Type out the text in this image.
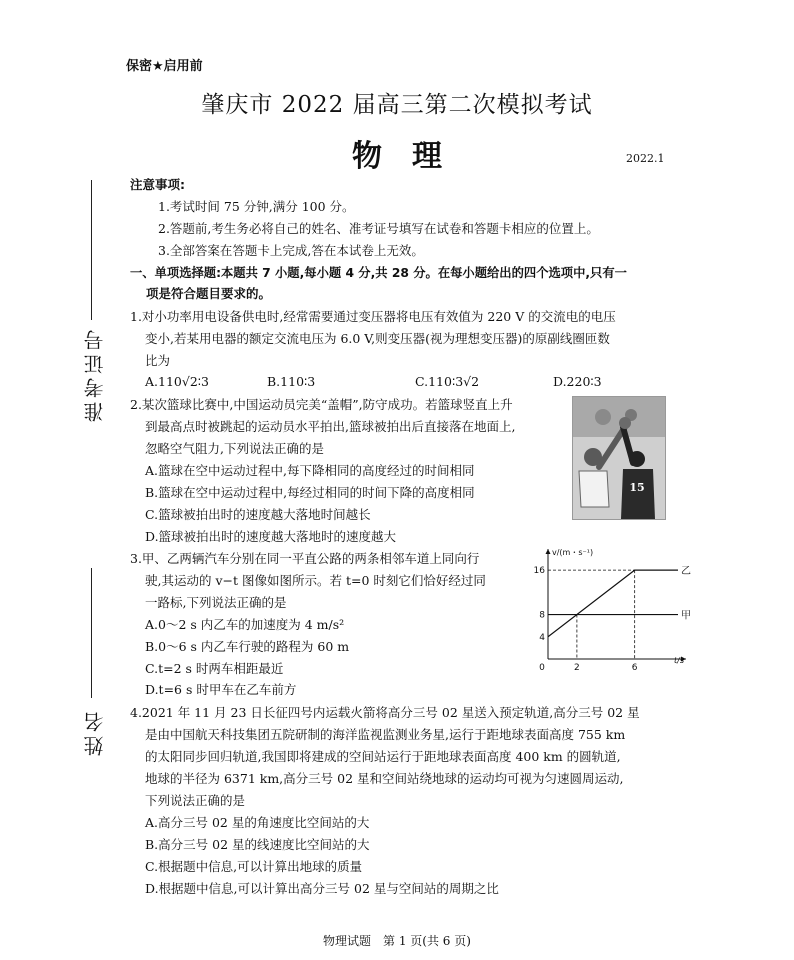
保密★启用前
肇庆市 2022 届高三第二次模拟考试
物　理	2022.1
准考证号
姓名
注意事项:
1.考试时间 75 分钟,满分 100 分。
2.答题前,考生务必将自己的姓名、准考证号填写在试卷和答题卡相应的位置上。
3.全部答案在答题卡上完成,答在本试卷上无效。
一、单项选择题:本题共 7 小题,每小题 4 分,共 28 分。在每小题给出的四个选项中,只有一
项是符合题目要求的。
1.对小功率用电设备供电时,经常需要通过变压器将电压有效值为 220 V 的交流电的电压
变小,若某用电器的额定交流电压为 6.0 V,则变压器(视为理想变压器)的原副线圈匝数
比为
A.110√2∶3	B.110∶3	C.110∶3√2	D.220∶3
2.某次篮球比赛中,中国运动员完美“盖帽”,防守成功。若篮球竖直上升
到最高点时被跳起的运动员水平拍出,篮球被拍出后直接落在地面上,
忽略空气阻力,下列说法正确的是
A.篮球在空中运动过程中,每下降相同的高度经过的时间相同
B.篮球在空中运动过程中,每经过相同的时间下降的高度相同
C.篮球被拍出时的速度越大落地时间越长
D.篮球被拍出时的速度越大落地时的速度越大
15
3.甲、乙两辆汽车分别在同一平直公路的两条相邻车道上同向行
驶,其运动的 v−t 图像如图所示。若 t=0 时刻它们恰好经过同
一路标,下列说法正确的是
A.0～2 s 内乙车的加速度为 4 m/s²
B.0～6 s 内乙车行驶的路程为 60 m
C.t=2 s 时两车相距最近
D.t=6 s 时甲车在乙车前方
v/(m・s⁻¹)
t/s
4
8
16
0	2	6
甲
乙
4.2021 年 11 月 23 日长征四号内运载火箭将高分三号 02 星送入预定轨道,高分三号 02 星
是由中国航天科技集团五院研制的海洋监视监测业务星,运行于距地球表面高度 755 km
的太阳同步回归轨道,我国即将建成的空间站运行于距地球表面高度 400 km 的圆轨道,
地球的半径为 6371 km,高分三号 02 星和空间站绕地球的运动均可视为匀速圆周运动,
下列说法正确的是
A.高分三号 02 星的角速度比空间站的大
B.高分三号 02 星的线速度比空间站的大
C.根据题中信息,可以计算出地球的质量
D.根据题中信息,可以计算出高分三号 02 星与空间站的周期之比
物理试题　第 1 页(共 6 页)
